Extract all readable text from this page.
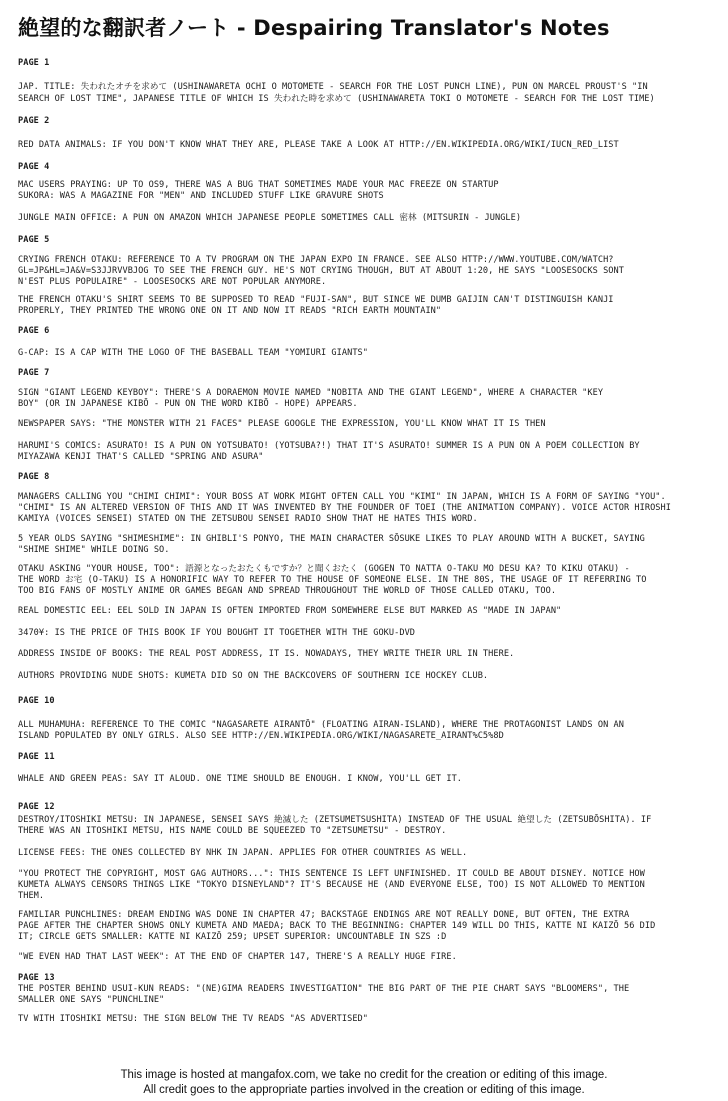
絶望的な翻訳者ノート - Despairing Translator's Notes
PAGE 1
JAP. TITLE: 失われたオチを求めて (USHINAWARETA OCHI O MOTOMETE - SEARCH FOR THE LOST PUNCH LINE), PUN ON MARCEL PROUST'S "IN
SEARCH OF LOST TIME", JAPANESE TITLE OF WHICH IS 失われた時を求めて (USHINAWARETA TOKI O MOTOMETE - SEARCH FOR THE LOST TIME)
PAGE 2
RED DATA ANIMALS: IF YOU DON'T KNOW WHAT THEY ARE, PLEASE TAKE A LOOK AT HTTP://EN.WIKIPEDIA.ORG/WIKI/IUCN_RED_LIST
PAGE 4
MAC USERS PRAYING: UP TO OS9, THERE WAS A BUG THAT SOMETIMES MADE YOUR MAC FREEZE ON STARTUP
SUKORA: WAS A MAGAZINE FOR "MEN" AND INCLUDED STUFF LIKE GRAVURE SHOTS
JUNGLE MAIN OFFICE: A PUN ON AMAZON WHICH JAPANESE PEOPLE SOMETIMES CALL 密林 (MITSURIN - JUNGLE)
PAGE 5
CRYING FRENCH OTAKU: REFERENCE TO A TV PROGRAM ON THE JAPAN EXPO IN FRANCE. SEE ALSO HTTP://WWW.YOUTUBE.COM/WATCH?
GL=JP&HL=JA&V=S3JJRVVBJOG TO SEE THE FRENCH GUY. HE'S NOT CRYING THOUGH, BUT AT ABOUT 1:20, HE SAYS "LOOSESOCKS SONT
N'EST PLUS POPULAIRE" - LOOSESOCKS ARE NOT POPULAR ANYMORE.
THE FRENCH OTAKU'S SHIRT SEEMS TO BE SUPPOSED TO READ "FUJI-SAN", BUT SINCE WE DUMB GAIJIN CAN'T DISTINGUISH KANJI
PROPERLY, THEY PRINTED THE WRONG ONE ON IT AND NOW IT READS "RICH EARTH MOUNTAIN"
PAGE 6
G-CAP: IS A CAP WITH THE LOGO OF THE BASEBALL TEAM "YOMIURI GIANTS"
PAGE 7
SIGN "GIANT LEGEND KEYBOY": THERE'S A DORAEMON MOVIE NAMED "NOBITA AND THE GIANT LEGEND", WHERE A CHARACTER "KEY
BOY" (OR IN JAPANESE KIBŌ - PUN ON THE WORD KIBŌ - HOPE) APPEARS.
NEWSPAPER SAYS: "THE MONSTER WITH 21 FACES" PLEASE GOOGLE THE EXPRESSION, YOU'LL KNOW WHAT IT IS THEN
HARUMI'S COMICS: ASURATO! IS A PUN ON YOTSUBATO! (YOTSUBA?!) THAT IT'S ASURATO! SUMMER IS A PUN ON A POEM COLLECTION BY
MIYAZAWA KENJI THAT'S CALLED "SPRING AND ASURA"
PAGE 8
MANAGERS CALLING YOU "CHIMI CHIMI": YOUR BOSS AT WORK MIGHT OFTEN CALL YOU "KIMI" IN JAPAN, WHICH IS A FORM OF SAYING "YOU".
"CHIMI" IS AN ALTERED VERSION OF THIS AND IT WAS INVENTED BY THE FOUNDER OF TOEI (THE ANIMATION COMPANY). VOICE ACTOR HIROSHI
KAMIYA (VOICES SENSEI) STATED ON THE ZETSUBOU SENSEI RADIO SHOW THAT HE HATES THIS WORD.
5 YEAR OLDS SAYING "SHIMESHIME": IN GHIBLI'S PONYO, THE MAIN CHARACTER SŌSUKE LIKES TO PLAY AROUND WITH A BUCKET, SAYING
"SHIME SHIME" WHILE DOING SO.
OTAKU ASKING "YOUR HOUSE, TOO": 語源となったおたくもですか？と聞くおたく (GOGEN TO NATTA O-TAKU MO DESU KA? TO KIKU OTAKU) -
THE WORD お宅 (O-TAKU) IS A HONORIFIC WAY TO REFER TO THE HOUSE OF SOMEONE ELSE. IN THE 80S, THE USAGE OF IT REFERRING TO
TOO BIG FANS OF MOSTLY ANIME OR GAMES BEGAN AND SPREAD THROUGHOUT THE WORLD OF THOSE CALLED OTAKU, TOO.
REAL DOMESTIC EEL: EEL SOLD IN JAPAN IS OFTEN IMPORTED FROM SOMEWHERE ELSE BUT MARKED AS "MADE IN JAPAN"
3470¥: IS THE PRICE OF THIS BOOK IF YOU BOUGHT IT TOGETHER WITH THE GOKU-DVD
ADDRESS INSIDE OF BOOKS: THE REAL POST ADDRESS, IT IS. NOWADAYS, THEY WRITE THEIR URL IN THERE.
AUTHORS PROVIDING NUDE SHOTS: KUMETA DID SO ON THE BACKCOVERS OF SOUTHERN ICE HOCKEY CLUB.
PAGE 10
ALL MUHAMUHA: REFERENCE TO THE COMIC "NAGASARETE AIRANTŌ" (FLOATING AIRAN-ISLAND), WHERE THE PROTAGONIST LANDS ON AN
ISLAND POPULATED BY ONLY GIRLS. ALSO SEE HTTP://EN.WIKIPEDIA.ORG/WIKI/NAGASARETE_AIRANT%C5%8D
PAGE 11
WHALE AND GREEN PEAS: SAY IT ALOUD. ONE TIME SHOULD BE ENOUGH. I KNOW, YOU'LL GET IT.
PAGE 12
DESTROY/ITOSHIKI METSU: IN JAPANESE, SENSEI SAYS 絶滅した (ZETSUMETSUSHITA) INSTEAD OF THE USUAL 絶望した (ZETSUBŌSHITA). IF
THERE WAS AN ITOSHIKI METSU, HIS NAME COULD BE SQUEEZED TO "ZETSUMETSU" - DESTROY.
LICENSE FEES: THE ONES COLLECTED BY NHK IN JAPAN. APPLIES FOR OTHER COUNTRIES AS WELL.
"YOU PROTECT THE COPYRIGHT, MOST GAG AUTHORS...": THIS SENTENCE IS LEFT UNFINISHED. IT COULD BE ABOUT DISNEY. NOTICE HOW
KUMETA ALWAYS CENSORS THINGS LIKE "TOKYO DISNEYLAND"? IT'S BECAUSE HE (AND EVERYONE ELSE, TOO) IS NOT ALLOWED TO MENTION
THEM.
FAMILIAR PUNCHLINES: DREAM ENDING WAS DONE IN CHAPTER 47; BACKSTAGE ENDINGS ARE NOT REALLY DONE, BUT OFTEN, THE EXTRA
PAGE AFTER THE CHAPTER SHOWS ONLY KUMETA AND MAEDA; BACK TO THE BEGINNING: CHAPTER 149 WILL DO THIS, KATTE NI KAIZŌ 56 DID
IT; CIRCLE GETS SMALLER: KATTE NI KAIZŌ 259; UPSET SUPERIOR: UNCOUNTABLE IN SZS :D
"WE EVEN HAD THAT LAST WEEK": AT THE END OF CHAPTER 147, THERE'S A REALLY HUGE FIRE.
PAGE 13
THE POSTER BEHIND USUI-KUN READS: "(NE)GIMA READERS INVESTIGATION" THE BIG PART OF THE PIE CHART SAYS "BLOOMERS", THE
SMALLER ONE SAYS "PUNCHLINE"
TV WITH ITOSHIKI METSU: THE SIGN BELOW THE TV READS "AS ADVERTISED"
This image is hosted at mangafox.com, we take no credit for the creation or editing of this image.
All credit goes to the appropriate parties involved in the creation or editing of this image.
